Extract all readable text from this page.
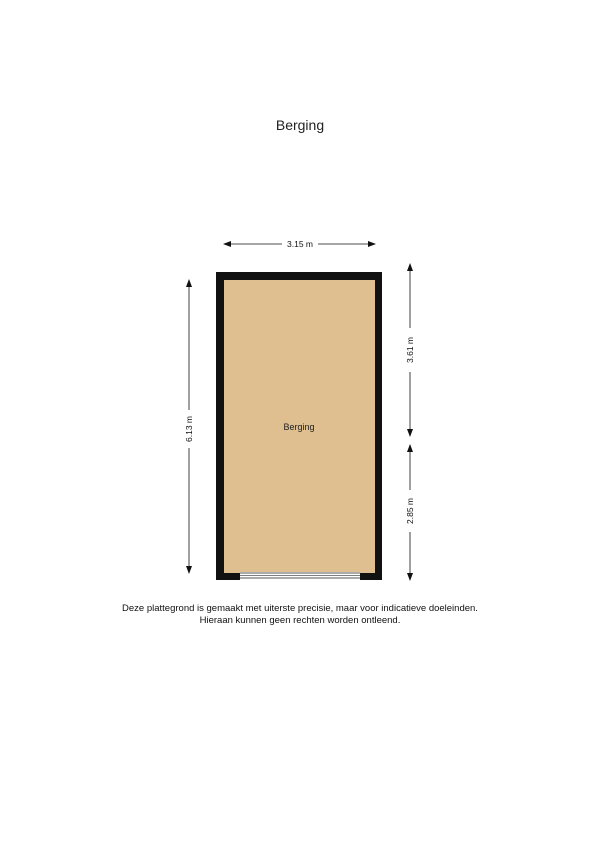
Berging
Berging
3.15 m
6.13 m
3.61 m
2.85 m
Deze plattegrond is gemaakt met uiterste precisie, maar voor indicatieve doeleinden.
Hieraan kunnen geen rechten worden ontleend.
